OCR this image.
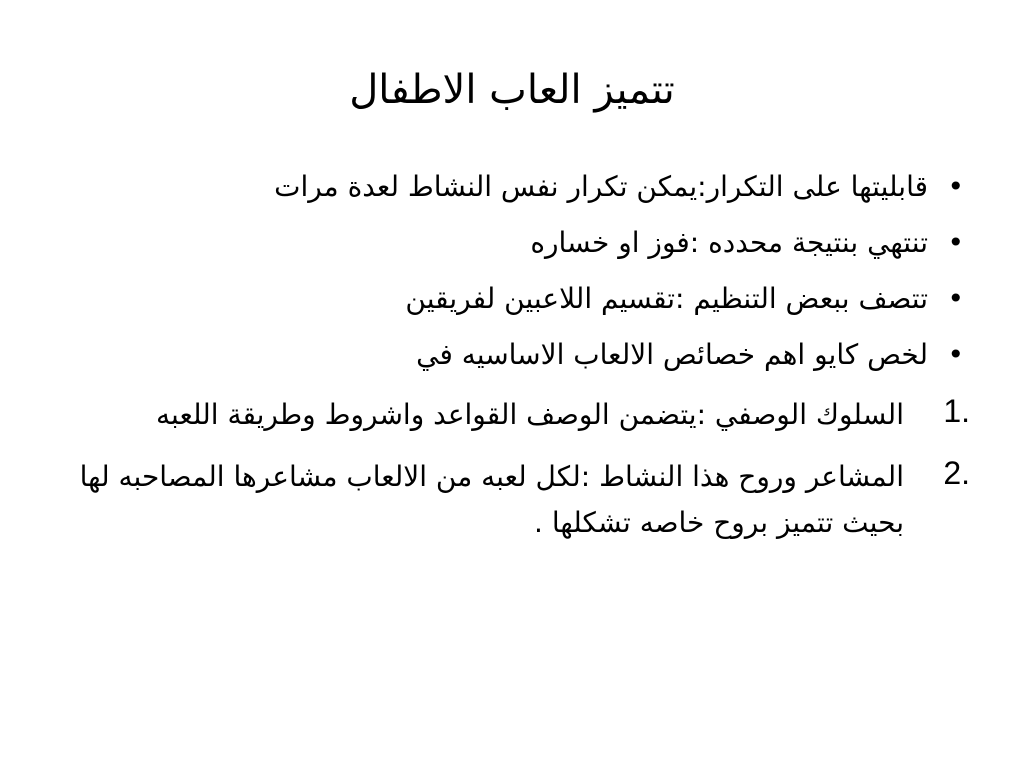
تتميز العاب الاطفال
•
قابليتها على التكرار:يمكن تكرار نفس النشاط لعدة مرات
•
تنتهي بنتيجة محدده :فوز او خساره
•
تتصف ببعض التنظيم :تقسيم اللاعبين لفريقين
•
لخص كايو اهم خصائص الالعاب الاساسيه في
1.
السلوك الوصفي :يتضمن الوصف القواعد واشروط وطريقة اللعبه
2.
المشاعر وروح هذا النشاط :لكل لعبه من الالعاب مشاعرها المصاحبه لها بحيث تتميز بروح خاصه تشكلها .
